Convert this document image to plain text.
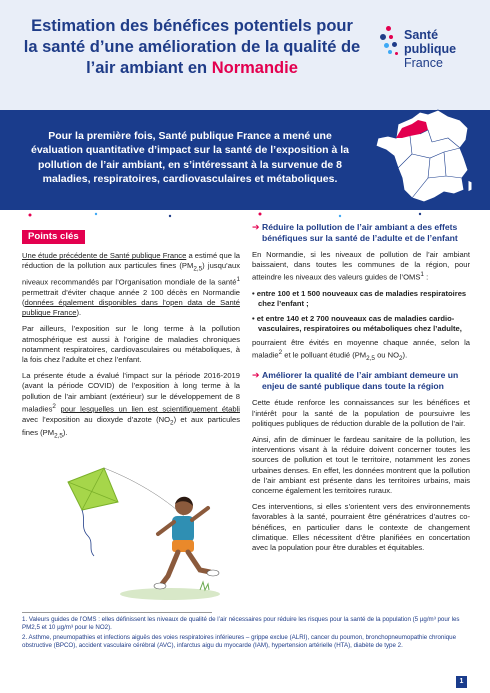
Estimation des bénéfices potentiels pour la santé d’une amélioration de la qualité de l’air ambiant en Normandie
Santé
publique
France
Pour la première fois, Santé publique France a mené une évaluation quantitative d’impact sur la santé de l’exposition à la pollution de l’air ambiant, en s’intéressant à la survenue de 8 maladies, respiratoires, cardiovasculaires et métaboliques.
Points clés
Une étude précédente de Santé publique France a estimé que la réduction de la pollution aux particules fines $(PM_{2,5})$ jusqu’aux niveaux recommandés par l’Organisation mondiale de la santé$^1$ permettrait d’éviter chaque année 2 100 décès en Normandie (données également disponibles dans l’open data de Santé publique France).
Par ailleurs, l’exposition sur le long terme à la pollution atmosphérique est aussi à l’origine de maladies chroniques notamment respiratoires, cardiovasculaires ou métaboliques, à la fois chez l’adulte et chez l’enfant.
La présente étude a évalué l’impact sur la période 2016-2019 (avant la période COVID) de l’exposition à long terme à la pollution de l’air ambiant (extérieur) sur le développement de 8 maladies$^2$ pour lesquelles un lien est scientifiquement établi avec l’exposition au dioxyde d’azote $(NO_2)$ et aux particules fines $(PM_{2,5})$.
➔ Réduire la pollution de l’air ambiant a des effets bénéfiques sur la santé de l’adulte et de l’enfant
En Normandie, si les niveaux de pollution de l’air ambiant baissaient, dans toutes les communes de la région, pour atteindre les niveaux des valeurs guides de l’OMS$^1$ :
• entre 100 et 1 500 nouveaux cas de maladies respiratoires chez l’enfant ;
• et entre 140 et 2 700 nouveaux cas de maladies cardio-vasculaires, respiratoires ou métaboliques chez l’adulte,
pourraient être évités en moyenne chaque année, selon la maladie$^2$ et le polluant étudié ($PM_{2,5}$ ou $NO_2$).
➔ Améliorer la qualité de l’air ambiant demeure un enjeu de santé publique dans toute la région
Cette étude renforce les connaissances sur les bénéfices et l’intérêt pour la santé de la population de poursuivre les politiques publiques de réduction durable de la pollution de l’air.
Ainsi, afin de diminuer le fardeau sanitaire de la pollution, les interventions visant à la réduire doivent concerner toutes les sources de pollution et tout le territoire, notamment les zones urbaines denses. En effet, les données montrent que la pollution de l’air ambiant est présente dans les territoires urbains, mais concerne également les territoires ruraux.
Ces interventions, si elles s’orientent vers des environnements favorables à la santé, pourraient être génératrices d’autres co-bénéfices, en particulier dans le contexte de changement climatique. Elles nécessitent d’être planifiées en concertation avec la population pour être durables et équitables.
1. Valeurs guides de l’OMS : elles définissent les niveaux de qualité de l’air nécessaires pour réduire les risques pour la santé de la population (5 µg/m³ pour les PM2,5 et 10 µg/m³ pour le NO2).
2. Asthme, pneumopathies et infections aiguës des voies respiratoires inférieures – grippe exclue (ALRI), cancer du poumon, bronchopneumopathie chronique obstructive (BPCO), accident vasculaire cérébral (AVC), infarctus aigu du myocarde (IAM), hypertension artérielle (HTA), diabète de type 2.
1
